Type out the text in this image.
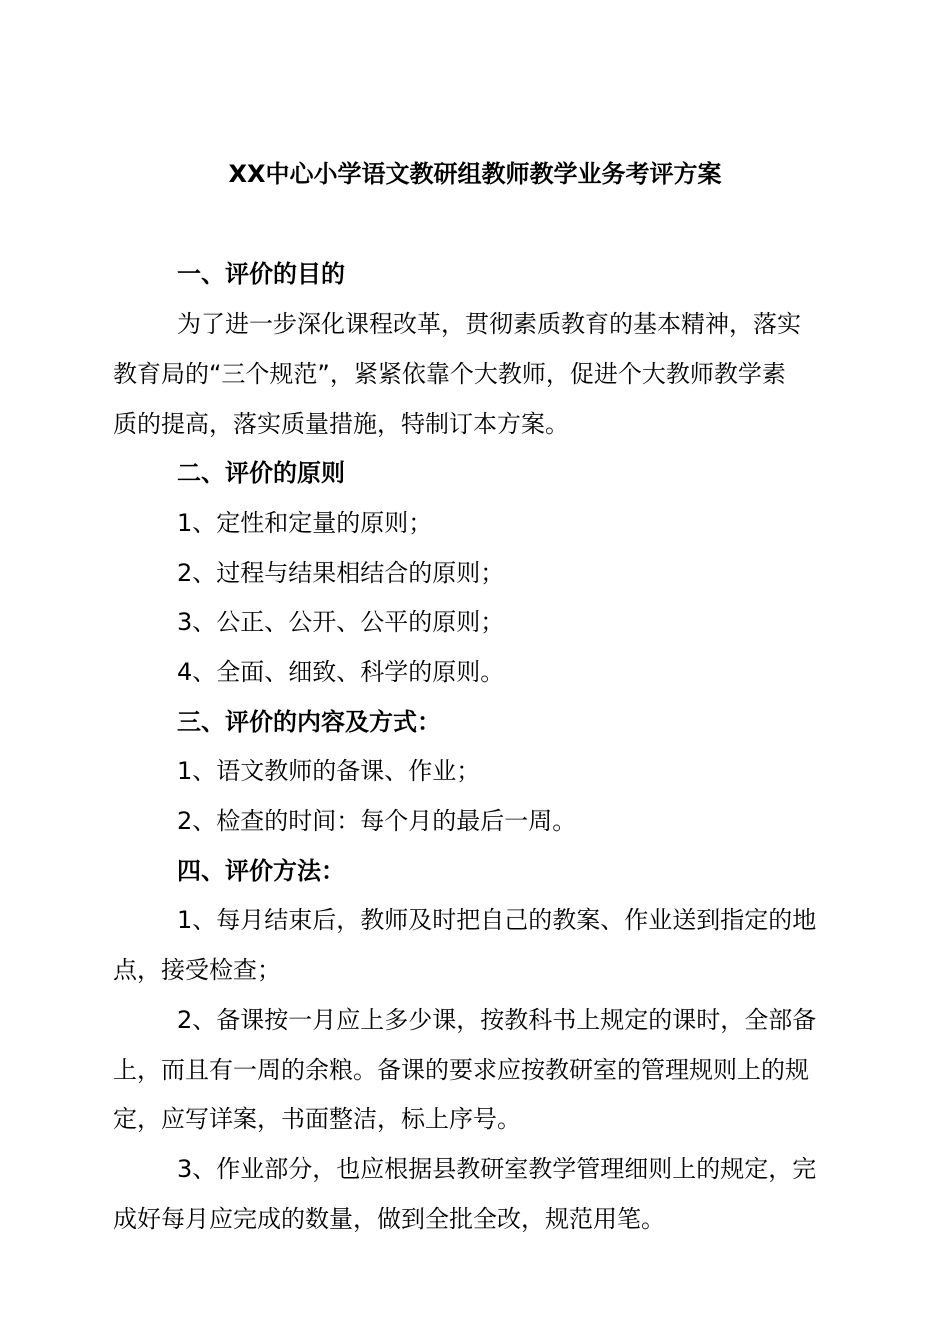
XX中心小学语文教研组教师教学业务考评方案
一、评价的目的
为了进一步深化课程改革，贯彻素质教育的基本精神，落实
教育局的“三个规范”，紧紧依靠个大教师，促进个大教师教学素
质的提高，落实质量措施，特制订本方案。
二、评价的原则
1、定性和定量的原则；
2、过程与结果相结合的原则；
3、公正、公开、公平的原则；
4、全面、细致、科学的原则。
三、评价的内容及方式：
1、语文教师的备课、作业；
2、检查的时间：每个月的最后一周。
四、评价方法：
1、每月结束后，教师及时把自己的教案、作业送到指定的地
点，接受检查；
2、备课按一月应上多少课，按教科书上规定的课时，全部备
上，而且有一周的余粮。备课的要求应按教研室的管理规则上的规
定，应写详案，书面整洁，标上序号。
3、作业部分，也应根据县教研室教学管理细则上的规定，完
成好每月应完成的数量，做到全批全改，规范用笔。
